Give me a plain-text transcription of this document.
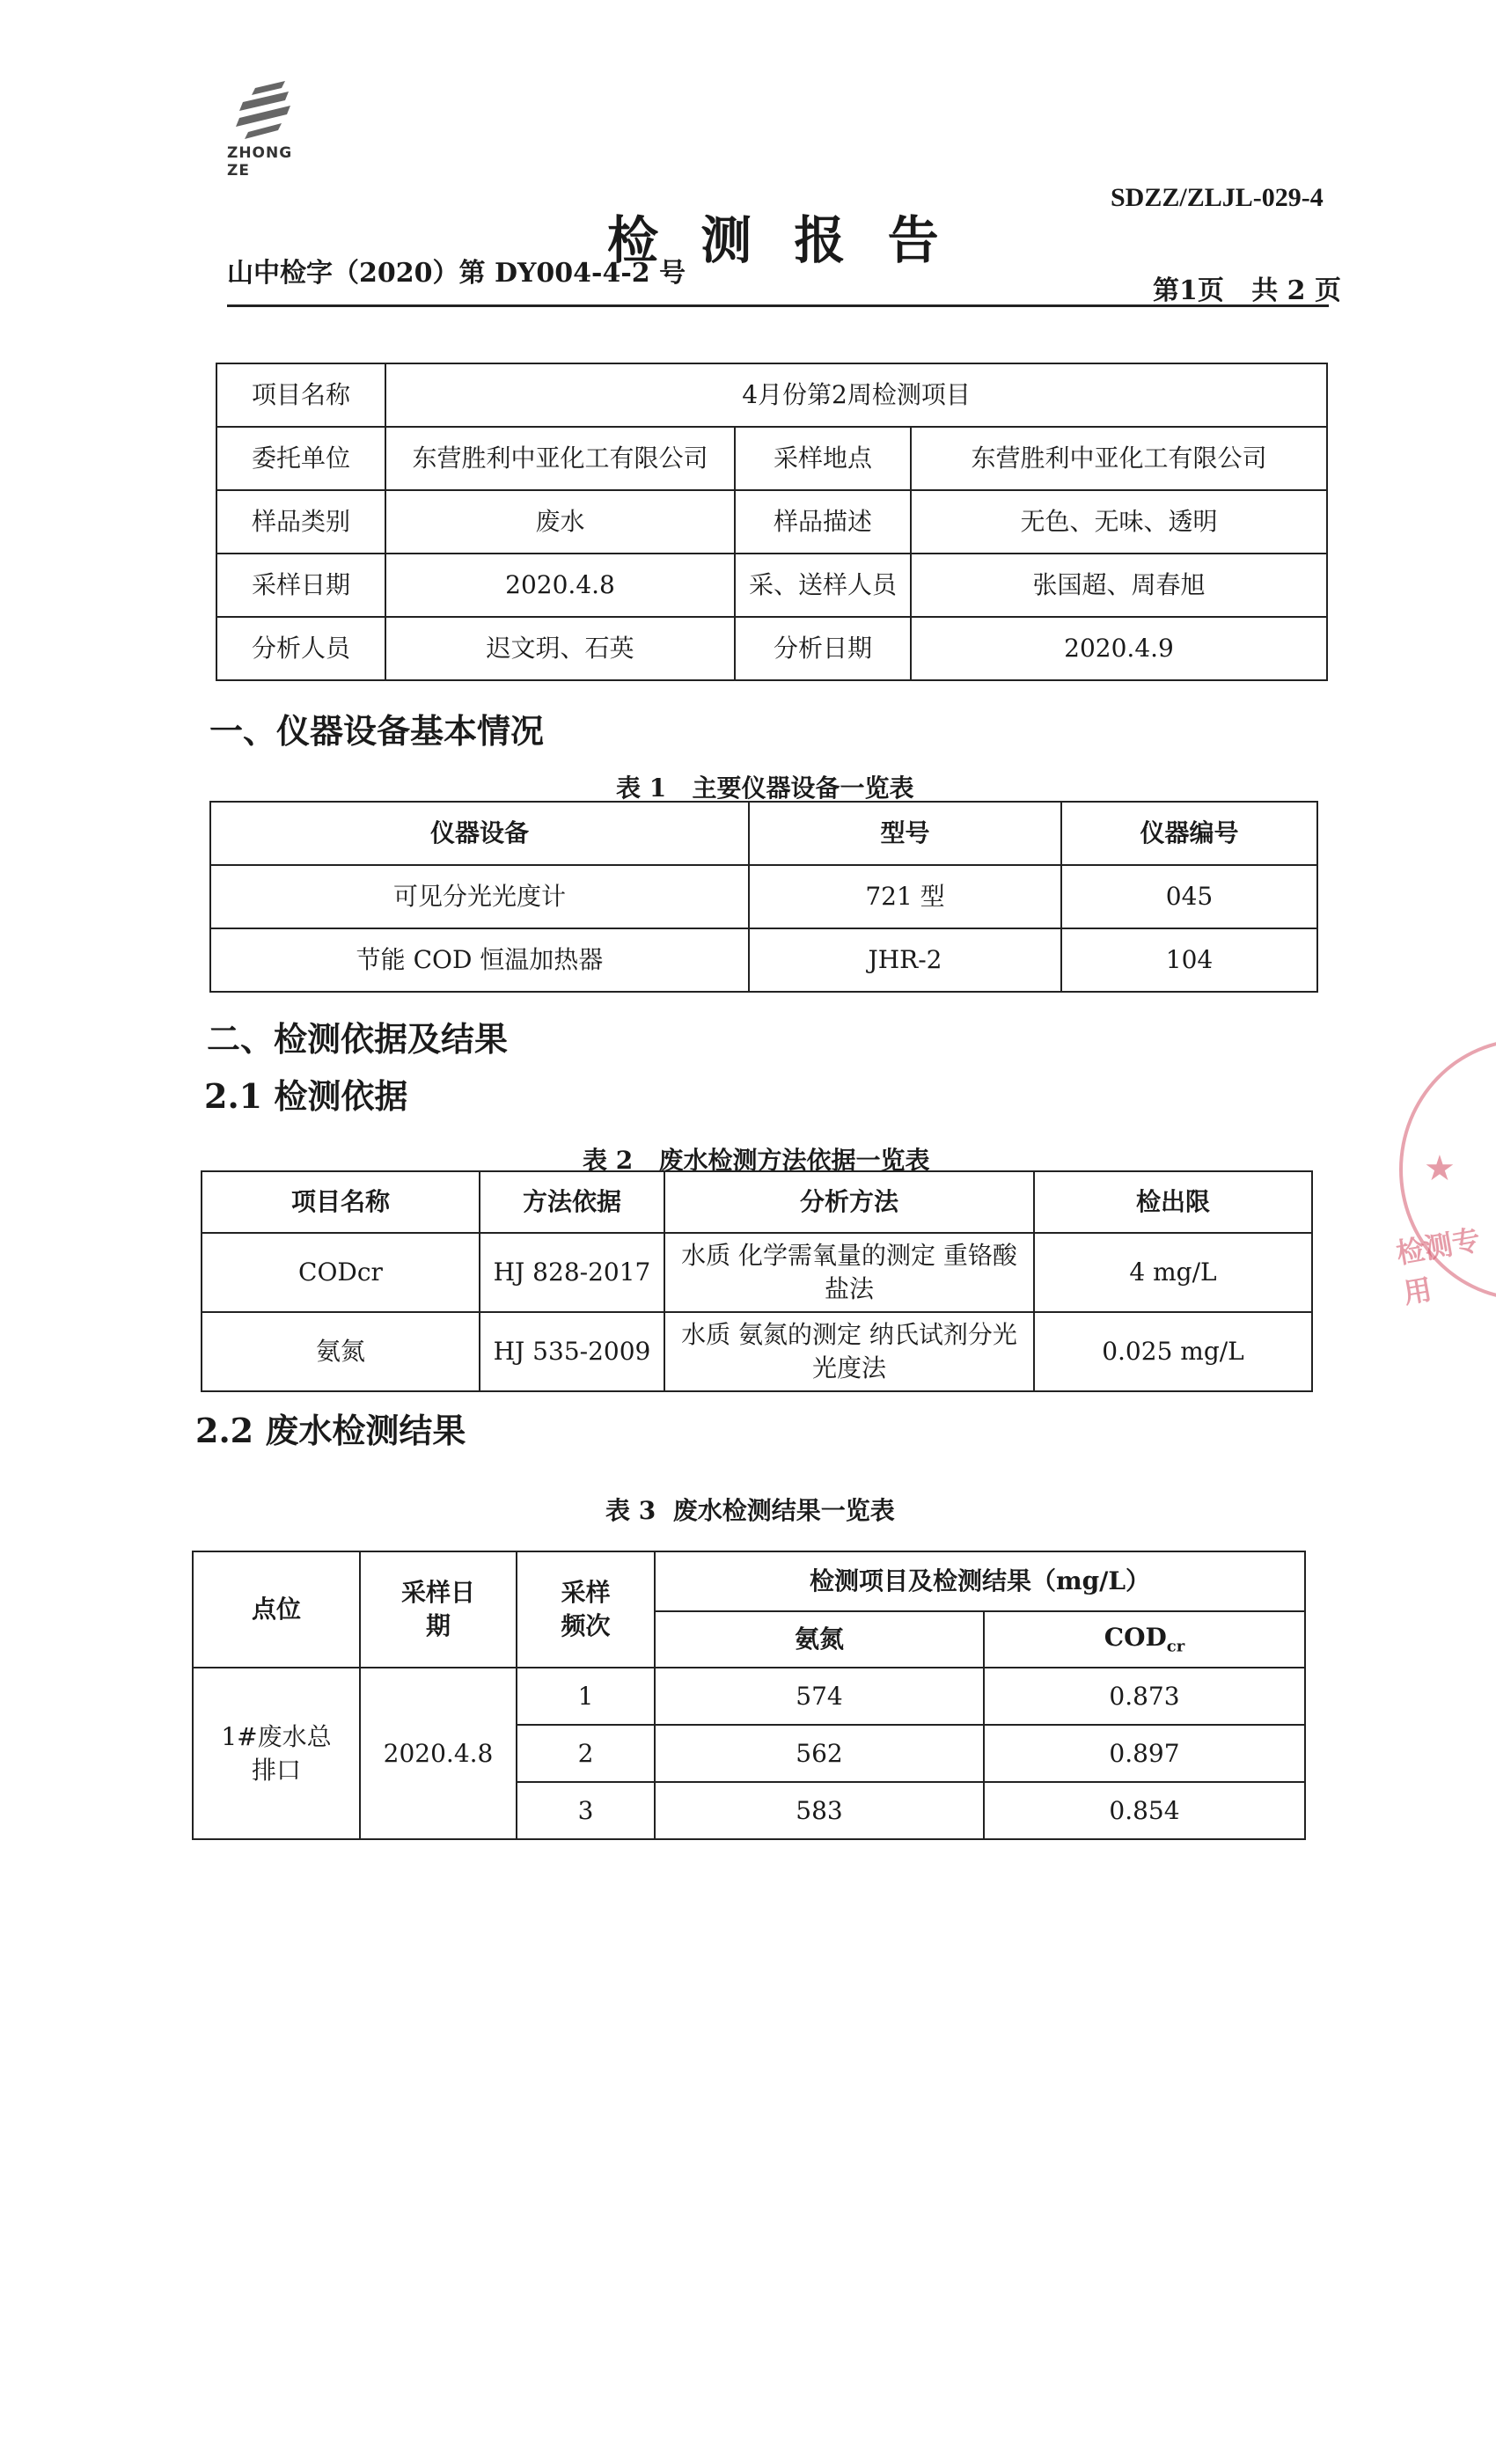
ZHONG ZE
SDZZ/ZLJL-029-4
检 测 报 告
山中检字（2020）第 DY004-4-2 号
第1页   共 2 页
项目名称	4月份第2周检测项目		
委托单位	东营胜利中亚化工有限公司	采样地点	东营胜利中亚化工有限公司
样品类别	废水	样品描述	无色、无味、透明
采样日期	2020.4.8	采、送样人员	张国超、周春旭
分析人员	迟文玥、石英	分析日期	2020.4.9
一、仪器设备基本情况
表 1   主要仪器设备一览表
仪器设备	型号	仪器编号
可见分光光度计	721 型	045
节能 COD 恒温加热器	JHR-2	104
二、检测依据及结果
2.1 检测依据
表 2   废水检测方法依据一览表
项目名称	方法依据	分析方法	检出限
CODcr	HJ 828-2017	水质 化学需氧量的测定 重铬酸盐法	4 mg/L
氨氮	HJ 535-2009	水质 氨氮的测定 纳氏试剂分光光度法	0.025 mg/L
2.2 废水检测结果
表 3  废水检测结果一览表
点位	采样日期	采样频次	检测项目及检测结果（mg/L）	
			氨氮	$COD_{cr}$
1#废水总排口	2020.4.8	1	574	0.873
		2	562	0.897
		3	583	0.854
★
检测专用
